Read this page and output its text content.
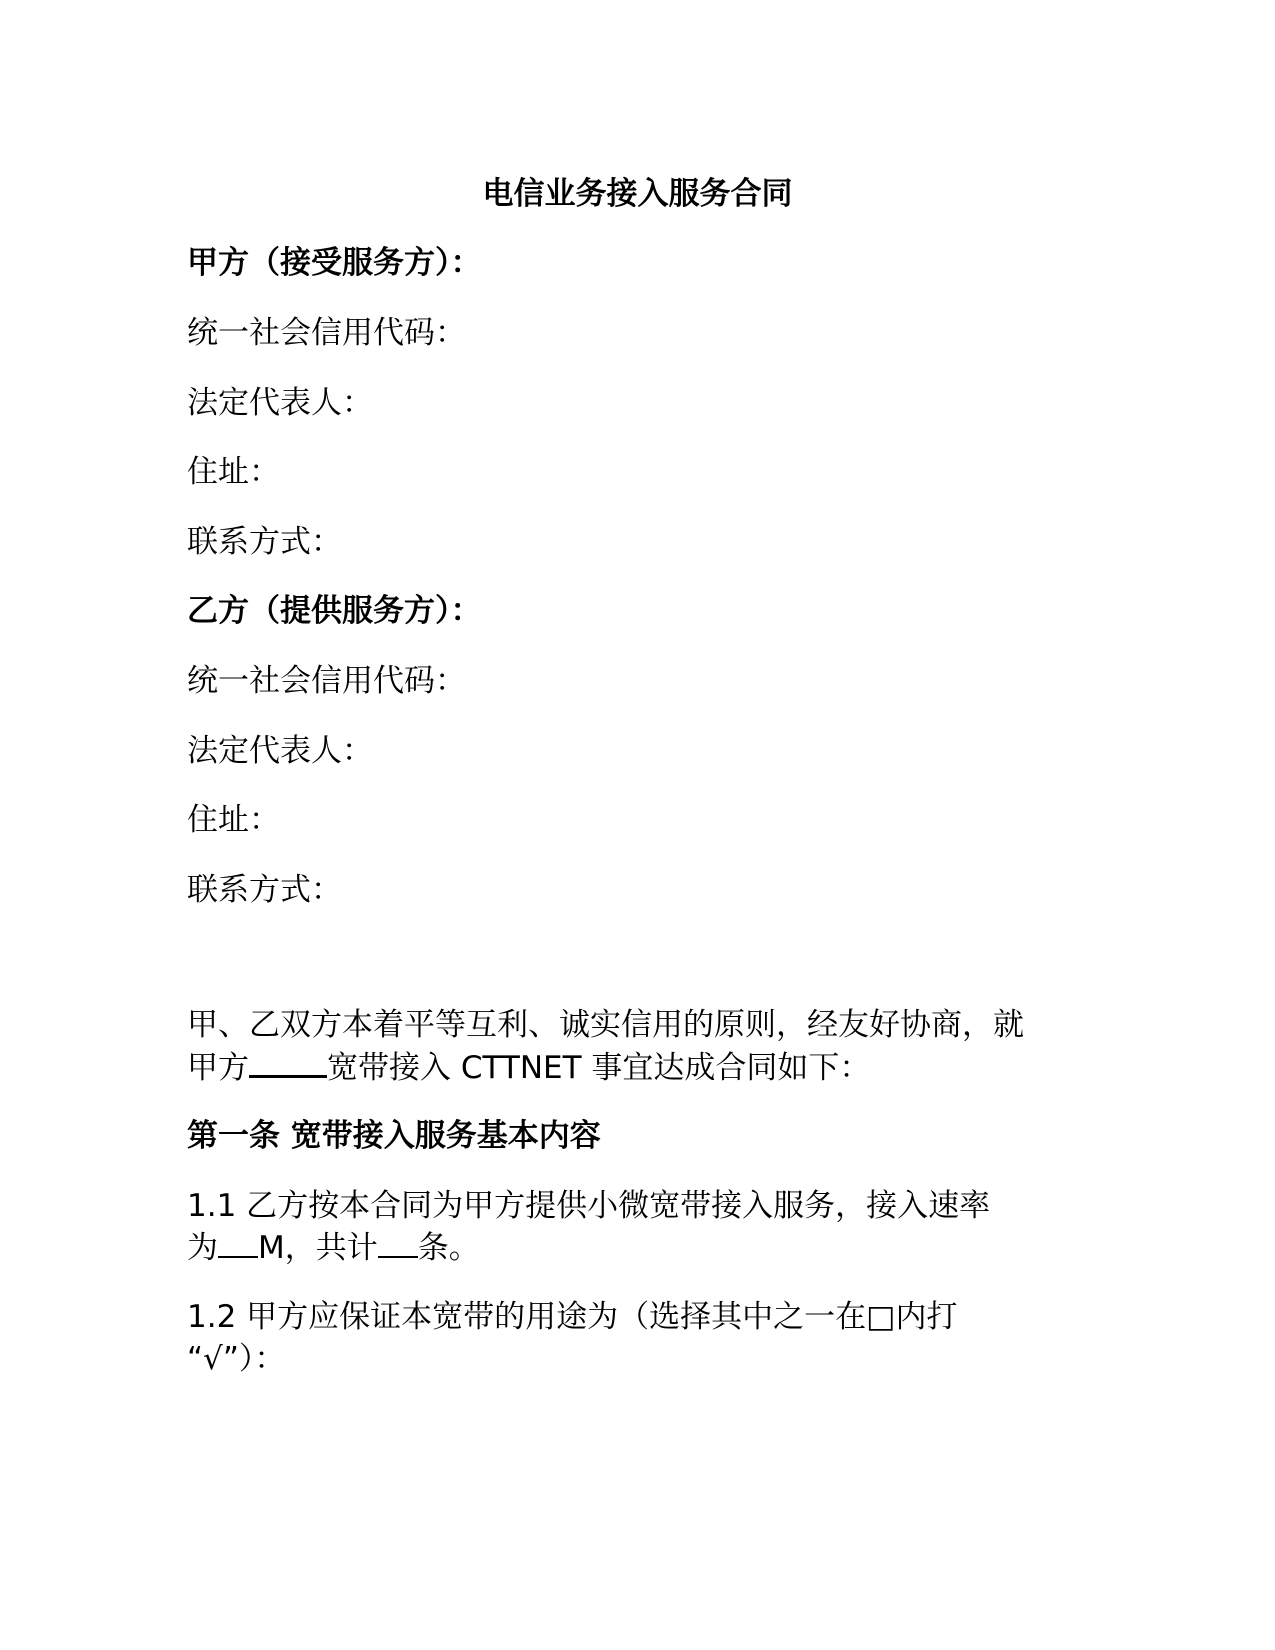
电信业务接入服务合同

甲方（接受服务方）：

统一社会信用代码：

法定代表人：

住址：

联系方式：

乙方（提供服务方）：

统一社会信用代码：

法定代表人：

住址：

联系方式：

甲、乙双方本着平等互利、诚实信用的原则，经友好协商，就

甲方	宽带接入 CTTNET 事宜达成合同如下：

第一条 宽带接入服务基本内容

1.1 乙方按本合同为甲方提供小微宽带接入服务，接入速率

为 M，共计 条。

1.2 甲方应保证本宽带的用途为（选择其中之一在□内打

“√”）：
